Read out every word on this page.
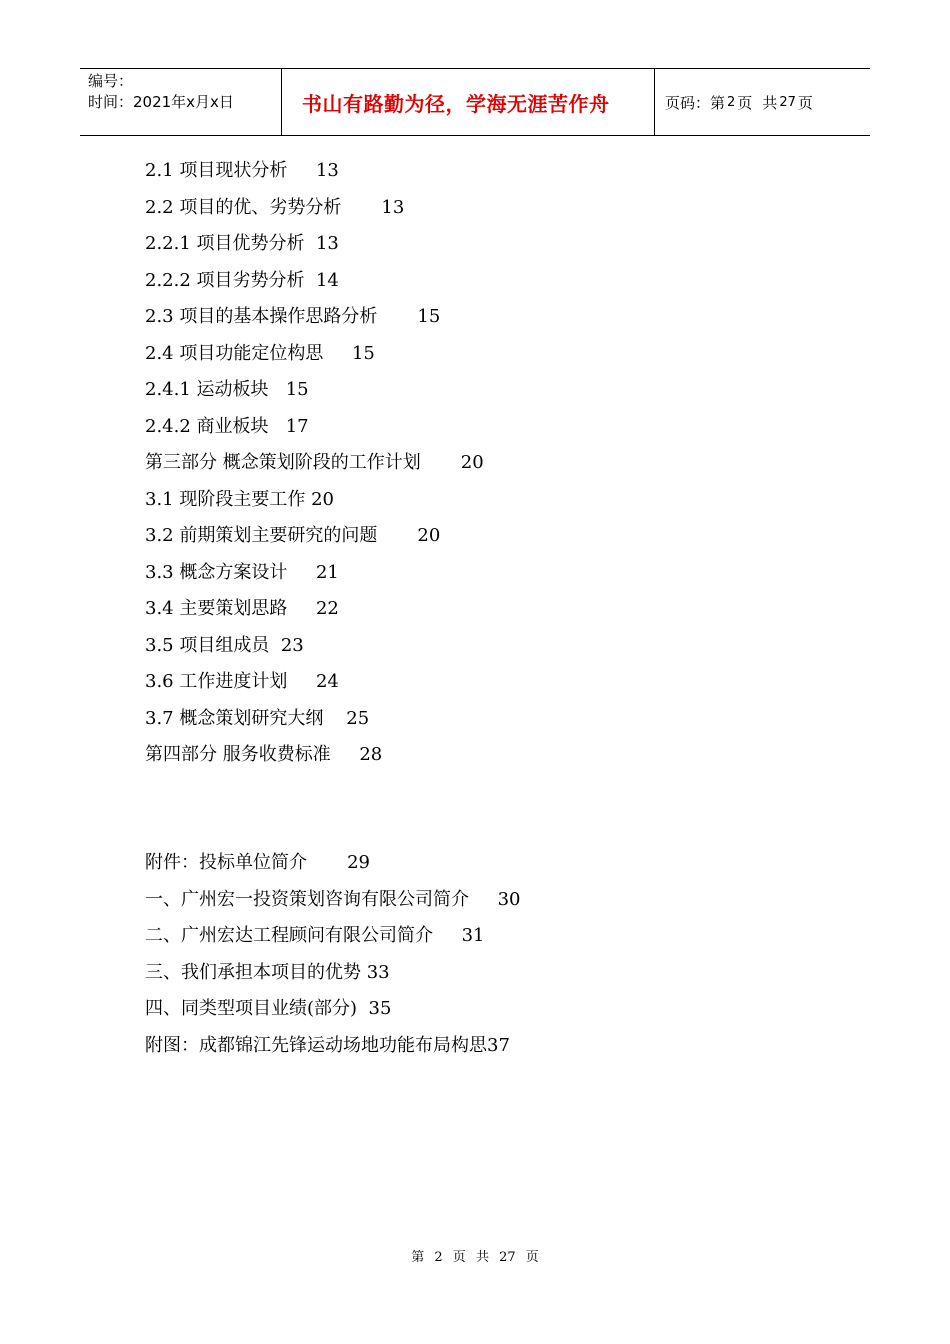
编号：
时间：2021年x月x日	书山有路勤为径，学海无涯苦作舟	页码：第 2 页 共 27 页
2.1 项目现状分析 13
2.2 项目的优、劣势分析 13
2.2.1 项目优势分析 13
2.2.2 项目劣势分析 14
2.3 项目的基本操作思路分析 15
2.4 项目功能定位构思 15
2.4.1 运动板块 15
2.4.2 商业板块 17
第三部分 概念策划阶段的工作计划 20
3.1 现阶段主要工作 20
3.2 前期策划主要研究的问题 20
3.3 概念方案设计 21
3.4 主要策划思路 22
3.5 项目组成员 23
3.6 工作进度计划 24
3.7 概念策划研究大纲 25
第四部分 服务收费标准 28
附件：投标单位简介 29
一、广州宏一投资策划咨询有限公司简介 30
二、广州宏达工程顾问有限公司简介 31
三、我们承担本项目的优势 33
四、同类型项目业绩(部分) 35
附图：成都锦江先锋运动场地功能布局构思37
第 2 页 共 27 页
